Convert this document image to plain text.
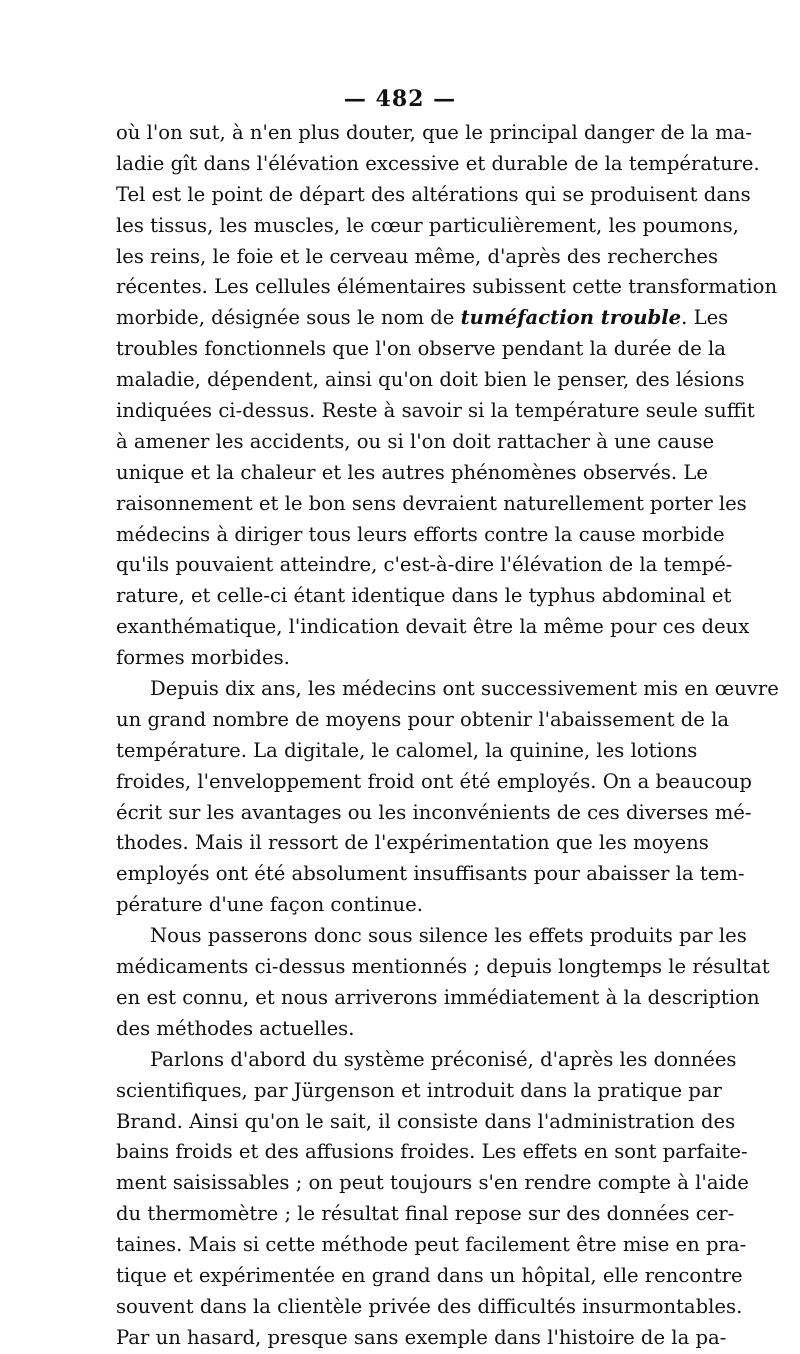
— 482 —
où l'on sut, à n'en plus douter, que le principal danger de la ma-
ladie gît dans l'élévation excessive et durable de la température.
Tel est le point de départ des altérations qui se produisent dans
les tissus, les muscles, le cœur particulièrement, les poumons,
les reins, le foie et le cerveau même, d'après des recherches
récentes. Les cellules élémentaires subissent cette transformation
morbide, désignée sous le nom de tuméfaction trouble. Les
troubles fonctionnels que l'on observe pendant la durée de la
maladie, dépendent, ainsi qu'on doit bien le penser, des lésions
indiquées ci-dessus. Reste à savoir si la température seule suffit
à amener les accidents, ou si l'on doit rattacher à une cause
unique et la chaleur et les autres phénomènes observés. Le
raisonnement et le bon sens devraient naturellement porter les
médecins à diriger tous leurs efforts contre la cause morbide
qu'ils pouvaient atteindre, c'est-à-dire l'élévation de la tempé-
rature, et celle-ci étant identique dans le typhus abdominal et
exanthématique, l'indication devait être la même pour ces deux
formes morbides.
Depuis dix ans, les médecins ont successivement mis en œuvre
un grand nombre de moyens pour obtenir l'abaissement de la
température. La digitale, le calomel, la quinine, les lotions
froides, l'enveloppement froid ont été employés. On a beaucoup
écrit sur les avantages ou les inconvénients de ces diverses mé-
thodes. Mais il ressort de l'expérimentation que les moyens
employés ont été absolument insuffisants pour abaisser la tem-
pérature d'une façon continue.
Nous passerons donc sous silence les effets produits par les
médicaments ci-dessus mentionnés ; depuis longtemps le résultat
en est connu, et nous arriverons immédiatement à la description
des méthodes actuelles.
Parlons d'abord du système préconisé, d'après les données
scientifiques, par Jürgenson et introduit dans la pratique par
Brand. Ainsi qu'on le sait, il consiste dans l'administration des
bains froids et des affusions froides. Les effets en sont parfaite-
ment saisissables ; on peut toujours s'en rendre compte à l'aide
du thermomètre ; le résultat final repose sur des données cer-
taines. Mais si cette méthode peut facilement être mise en pra-
tique et expérimentée en grand dans un hôpital, elle rencontre
souvent dans la clientèle privée des difficultés insurmontables.
Par un hasard, presque sans exemple dans l'histoire de la pa-
